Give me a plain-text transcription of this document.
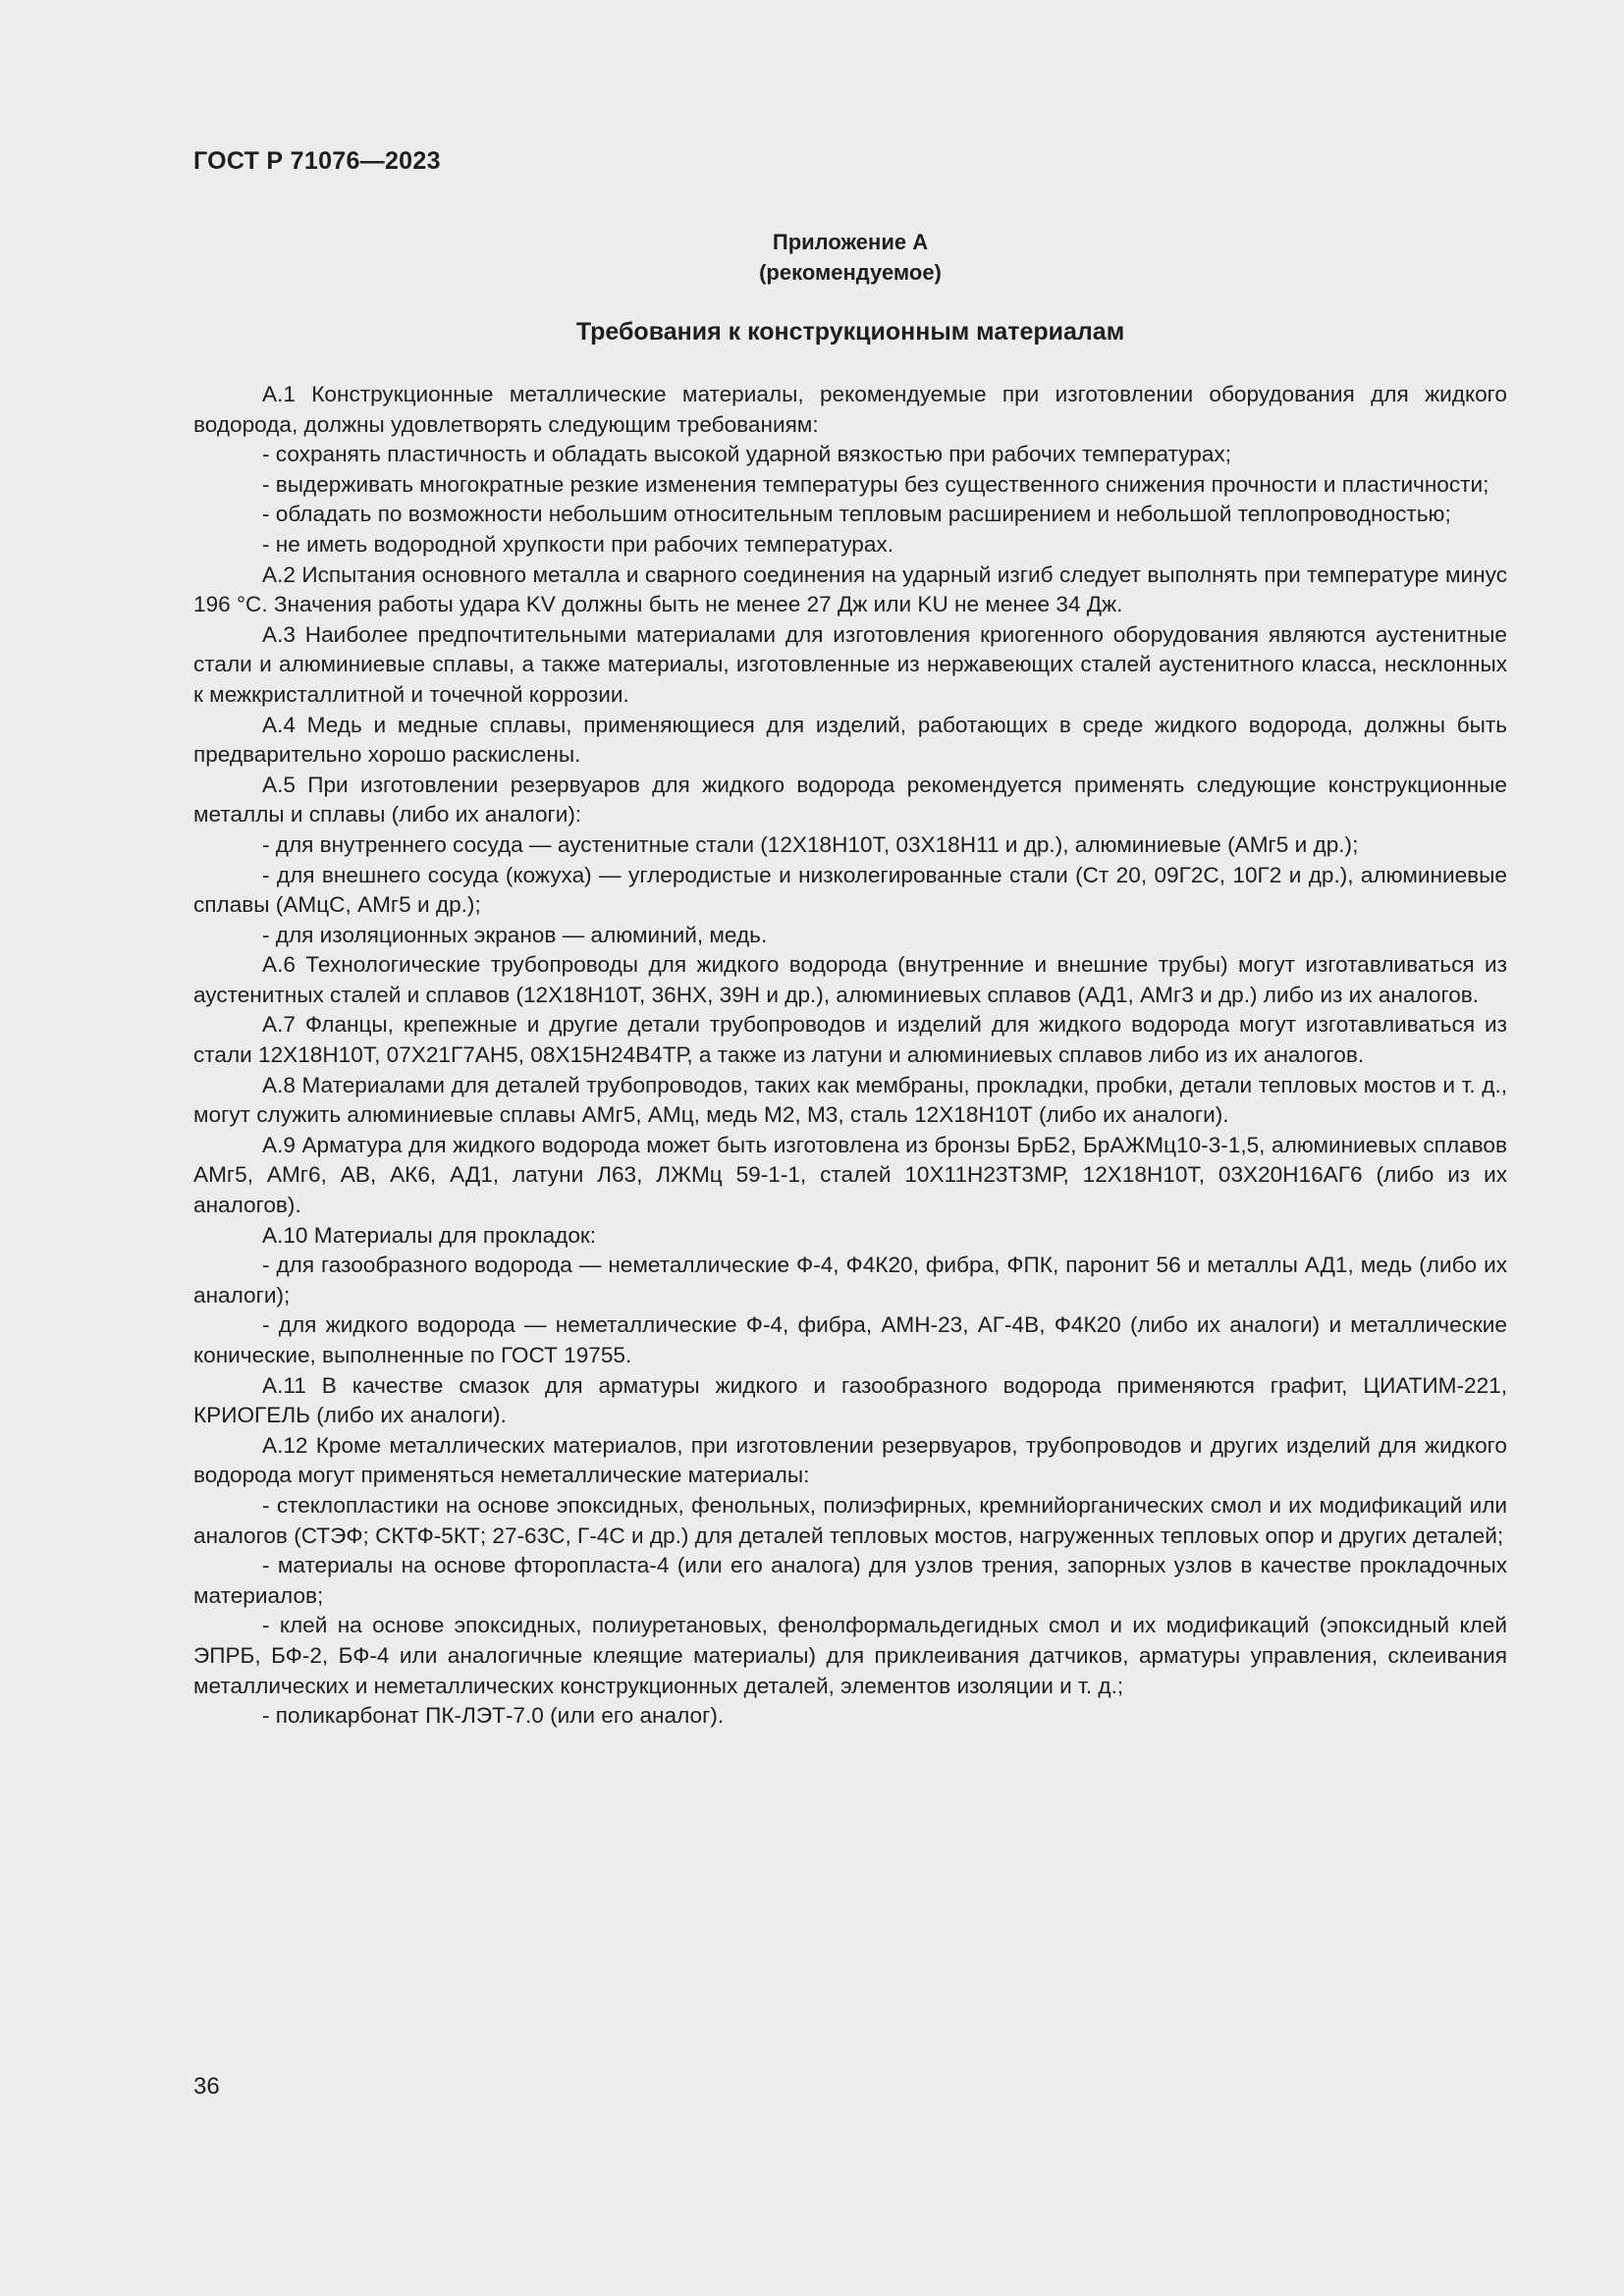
ГОСТ Р 71076—2023
Приложение А
(рекомендуемое)
Требования к конструкционным материалам

А.1 Конструкционные металлические материалы, рекомендуемые при изготовлении оборудования для жидкого водорода, должны удовлетворять следующим требованиям:

- сохранять пластичность и обладать высокой ударной вязкостью при рабочих температурах;

- выдерживать многократные резкие изменения температуры без существенного снижения прочности и пластичности;

- обладать по возможности небольшим относительным тепловым расширением и небольшой теплопроводностью;

- не иметь водородной хрупкости при рабочих температурах.

А.2 Испытания основного металла и сварного соединения на ударный изгиб следует выполнять при температуре минус 196 °С. Значения работы удара KV должны быть не менее 27 Дж или KU не менее 34 Дж.

А.3 Наиболее предпочтительными материалами для изготовления криогенного оборудования являются аустенитные стали и алюминиевые сплавы, а также материалы, изготовленные из нержавеющих сталей аустенитного класса, несклонных к межкристаллитной и точечной коррозии.

А.4 Медь и медные сплавы, применяющиеся для изделий, работающих в среде жидкого водорода, должны быть предварительно хорошо раскислены.

А.5 При изготовлении резервуаров для жидкого водорода рекомендуется применять следующие конструкционные металлы и сплавы (либо их аналоги):

- для внутреннего сосуда — аустенитные стали (12Х18Н10Т, 03Х18Н11 и др.), алюминиевые (АМг5 и др.);

- для внешнего сосуда (кожуха) — углеродистые и низколегированные стали (Ст 20, 09Г2С, 10Г2 и др.), алюминиевые сплавы (АМцС, АМг5 и др.);

- для изоляционных экранов — алюминий, медь.

А.6 Технологические трубопроводы для жидкого водорода (внутренние и внешние трубы) могут изготавливаться из аустенитных сталей и сплавов (12Х18Н10Т, 36НХ, 39Н и др.), алюминиевых сплавов (АД1, АМг3 и др.) либо из их аналогов.

А.7 Фланцы, крепежные и другие детали трубопроводов и изделий для жидкого водорода могут изготавливаться из стали 12Х18Н10Т, 07Х21Г7АН5, 08Х15Н24В4ТР, а также из латуни и алюминиевых сплавов либо из их аналогов.

А.8 Материалами для деталей трубопроводов, таких как мембраны, прокладки, пробки, детали тепловых мостов и т. д., могут служить алюминиевые сплавы АМг5, АМц, медь М2, М3, сталь 12Х18Н10Т (либо их аналоги).

А.9 Арматура для жидкого водорода может быть изготовлена из бронзы БрБ2, БрАЖМц10-3-1,5, алюминиевых сплавов АМг5, АМг6, АВ, АК6, АД1, латуни Л63, ЛЖМц 59-1-1, сталей 10Х11Н23Т3МР, 12Х18Н10Т, 03Х20Н16АГ6 (либо из их аналогов).

А.10 Материалы для прокладок:

- для газообразного водорода — неметаллические Ф-4, Ф4К20, фибра, ФПК, паронит 56 и металлы АД1, медь (либо их аналоги);

- для жидкого водорода — неметаллические Ф-4, фибра, АМН-23, АГ-4В, Ф4К20 (либо их аналоги) и металлические конические, выполненные по ГОСТ 19755.

А.11 В качестве смазок для арматуры жидкого и газообразного водорода применяются графит, ЦИАТИМ-221, КРИОГЕЛЬ (либо их аналоги).

А.12 Кроме металлических материалов, при изготовлении резервуаров, трубопроводов и других изделий для жидкого водорода могут применяться неметаллические материалы:

- стеклопластики на основе эпоксидных, фенольных, полиэфирных, кремнийорганических смол и их модификаций или аналогов (СТЭФ; СКТФ-5КТ; 27-63С, Г-4С и др.) для деталей тепловых мостов, нагруженных тепловых опор и других деталей;

- материалы на основе фторопласта-4 (или его аналога) для узлов трения, запорных узлов в качестве прокладочных материалов;

- клей на основе эпоксидных, полиуретановых, фенолформальдегидных смол и их модификаций (эпоксидный клей ЭПРБ, БФ-2, БФ-4 или аналогичные клеящие материалы) для приклеивания датчиков, арматуры управления, склеивания металлических и неметаллических конструкционных деталей, элементов изоляции и т. д.;

- поликарбонат ПК-ЛЭТ-7.0 (или его аналог).

36
